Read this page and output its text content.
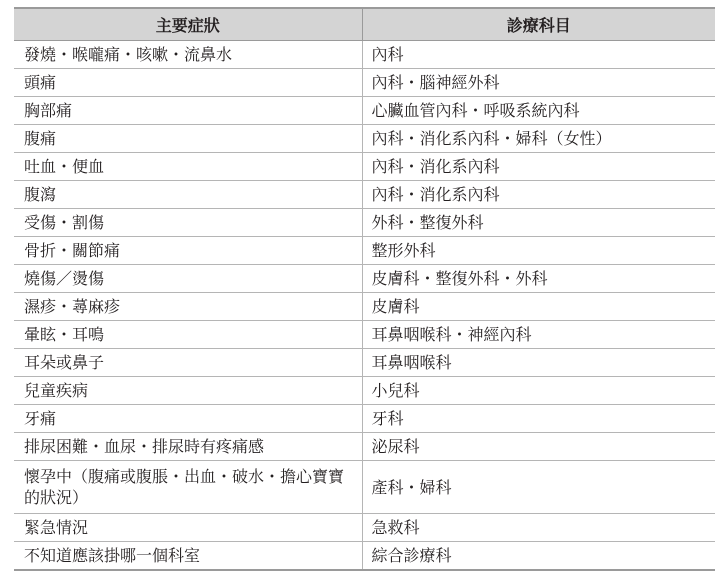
主要症狀	診療科目
發燒・喉嚨痛・咳嗽・流鼻水	內科
頭痛	內科・腦神經外科
胸部痛	心臟血管內科・呼吸系統內科
腹痛	內科・消化系內科・婦科（女性）
吐血・便血	內科・消化系內科
腹瀉	內科・消化系內科
受傷・割傷	外科・整復外科
骨折・關節痛	整形外科
燒傷／燙傷	皮膚科・整復外科・外科
濕疹・蕁麻疹	皮膚科
暈眩・耳鳴	耳鼻咽喉科・神經內科
耳朵或鼻子	耳鼻咽喉科
兒童疾病	小兒科
牙痛	牙科
排尿困難・血尿・排尿時有疼痛感	泌尿科
懷孕中（腹痛或腹脹・出血・破水・擔心寶寶的狀況）	產科・婦科
緊急情況	急救科
不知道應該掛哪一個科室	綜合診療科
